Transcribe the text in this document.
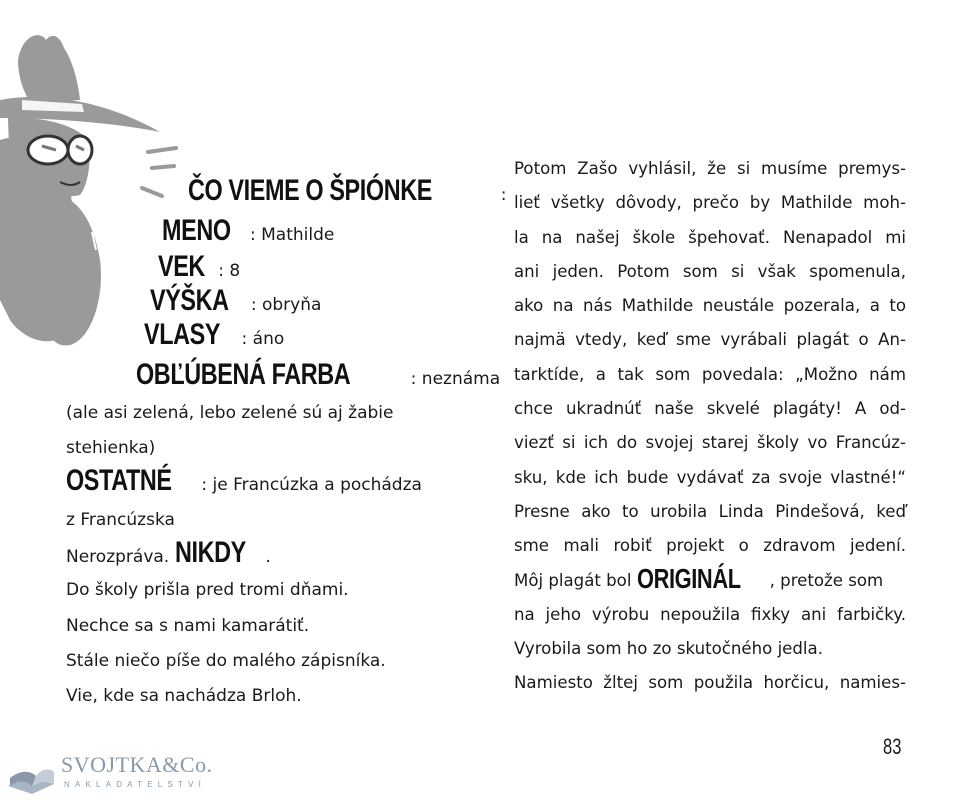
ČO VIEME O ŠPIÓNKE	:
MENO : Mathilde
VEK : 8
VÝŠKA : obryňa
VLASY : áno
OBĽÚBENÁ FARBA	: neznáma
(ale asi zelená, lebo zelené sú aj žabie
stehienka)
OSTATNÉ : je Francúzka a pochádza
z Francúzska
Nerozpráva. NIKDY .
Do školy prišla pred tromi dňami.
Nechce sa s nami kamarátiť.
Stále niečo píše do malého zápisníka.
Vie, kde sa nachádza Brloh.

Potom Zašo vyhlásil, že si musíme premys-

lieť všetky dôvody, prečo by Mathilde moh-

la na našej škole špehovať. Nenapadol mi

ani jeden. Potom som si však spomenula,

ako na nás Mathilde neustále pozerala, a to

najmä vtedy, keď sme vyrábali plagát o An-

tarktíde, a tak som povedala: „Možno nám

chce ukradnúť naše skvelé plagáty! A od-

viezť si ich do svojej starej školy vo Francúz-

sku, kde ich bude vydávať za svoje vlastné!“

Presne ako to urobila Linda Pindešová, keď

sme mali robiť projekt o zdravom jedení.

Môj plagát bol ORIGINÁL , pretože som

na jeho výrobu nepoužila fixky ani farbičky.

Vyrobila som ho zo skutočného jedla.

Namiesto žltej som použila horčicu, namies-

83
SVOJTKA&Co.
NAKLADATELSTVÍ
